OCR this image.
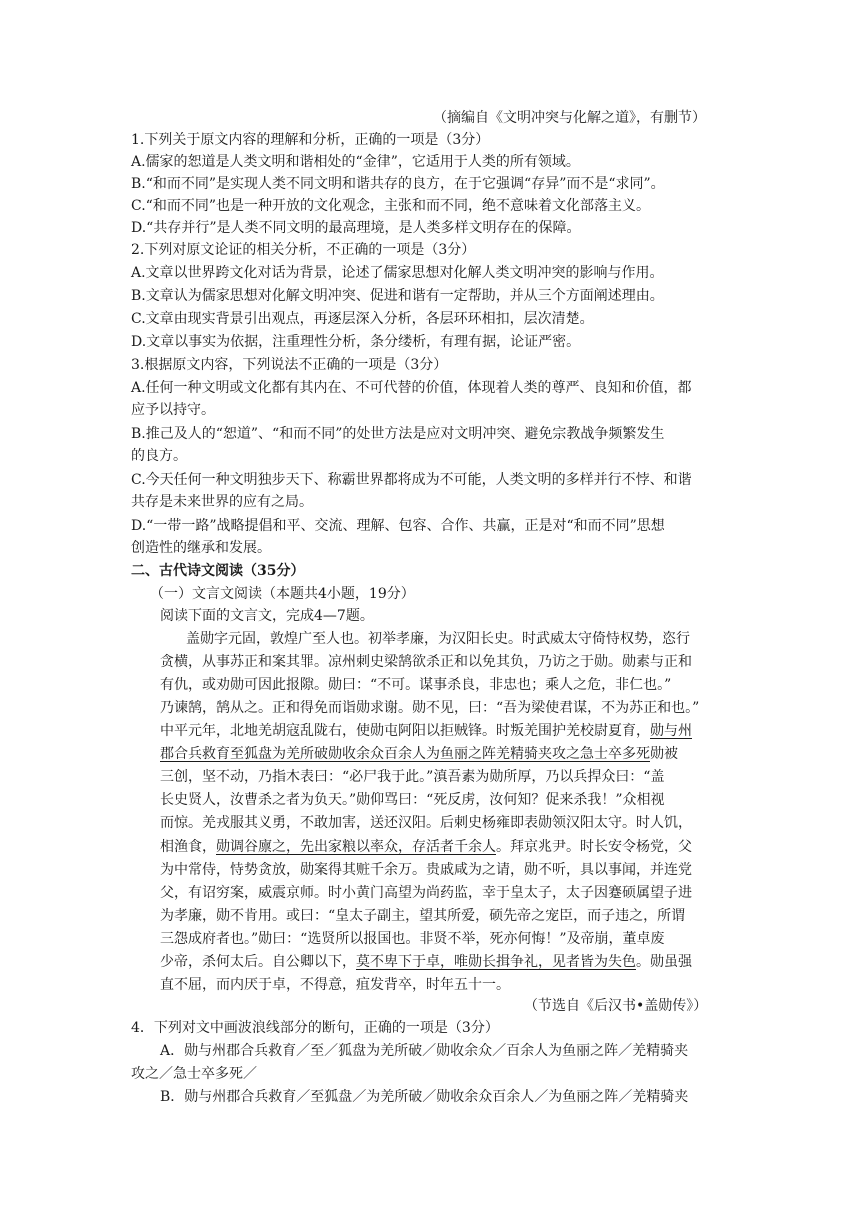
（摘编自《文明冲突与化解之道》，有删节）
1.下列关于原文内容的理解和分析，正确的一项是（3分）
A.儒家的恕道是人类文明和谐相处的“金律”，它适用于人类的所有领域。
B.“和而不同”是实现人类不同文明和谐共存的良方，在于它强调“存异”而不是“求同”。
C.“和而不同”也是一种开放的文化观念，主张和而不同，绝不意味着文化部落主义。
D.“共存并行”是人类不同文明的最高理境，是人类多样文明存在的保障。
2.下列对原文论证的相关分析，不正确的一项是（3分）
A.文章以世界跨文化对话为背景，论述了儒家思想对化解人类文明冲突的影响与作用。
B.文章认为儒家思想对化解文明冲突、促进和谐有一定帮助，并从三个方面阐述理由。
C.文章由现实背景引出观点，再逐层深入分析，各层环环相扣，层次清楚。
D.文章以事实为依据，注重理性分析，条分缕析，有理有据，论证严密。
3.根据原文内容，下列说法不正确的一项是（3分）
A.任何一种文明或文化都有其内在、不可代替的价值，体现着人类的尊严、良知和价值，都
应予以持守。
B.推己及人的“恕道”、“和而不同”的处世方法是应对文明冲突、避免宗教战争频繁发生
的良方。
C.今天任何一种文明独步天下、称霸世界都将成为不可能，人类文明的多样并行不悖、和谐
共存是未来世界的应有之局。
D.“一带一路”战略提倡和平、交流、理解、包容、合作、共赢，正是对“和而不同”思想
创造性的继承和发展。
二、古代诗文阅读（35分）
（一）文言文阅读（本题共4小题，19分）
阅读下面的文言文，完成4—7题。
盖勋字元固，敦煌广至人也。初举孝廉，为汉阳长史。时武威太守倚恃权势，恣行
贪横，从事苏正和案其罪。凉州刺史梁鹄欲杀正和以免其负，乃访之于勋。勋素与正和
有仇，或劝勋可因此报隙。勋曰：“不可。谋事杀良，非忠也；乘人之危，非仁也。”
乃谏鹄，鹄从之。正和得免而诣勋求谢。勋不见，曰：“吾为梁使君谋，不为苏正和也。”
中平元年，北地羌胡寇乱陇右，使勋屯阿阳以拒贼锋。时叛羌围护羌校尉夏育，勋与州
郡合兵救育至狐盘为羌所破勋收余众百余人为鱼丽之阵羌精骑夹攻之急士卒多死勋被
三创，坚不动，乃指木表曰：“必尸我于此。”滇吾素为勋所厚，乃以兵捍众曰：“盖
长史贤人，汝曹杀之者为负天。”勋仰骂曰：“死反虏，汝何知？促来杀我！”众相视
而惊。羌戎服其义勇，不敢加害，送还汉阳。后刺史杨雍即表勋领汉阳太守。时人饥，
相渔食，勋调谷廪之，先出家粮以率众，存活者千余人。拜京兆尹。时长安令杨党，父
为中常侍，恃势贪放，勋案得其赃千余万。贵戚咸为之请，勋不听，具以事闻，并连党
父，有诏穷案，威震京师。时小黄门高望为尚药监，幸于皇太子，太子因蹇硕属望子进
为孝廉，勋不肯用。或曰：“皇太子副主，望其所爱，硕先帝之宠臣，而子违之，所谓
三怨成府者也。”勋曰：“选贤所以报国也。非贤不举，死亦何悔！”及帝崩，董卓废
少帝，杀何太后。自公卿以下，莫不卑下于卓，唯勋长揖争礼，见者皆为失色。勋虽强
直不屈，而内厌于卓，不得意，疽发背卒，时年五十一。
（节选自《后汉书•盖勋传》）
4．下列对文中画波浪线部分的断句，正确的一项是（3分）
A．勋与州郡合兵救育／至／狐盘为羌所破／勋收余众／百余人为鱼丽之阵／羌精骑夹
攻之／急士卒多死／
B．勋与州郡合兵救育／至狐盘／为羌所破／勋收余众百余人／为鱼丽之阵／羌精骑夹
